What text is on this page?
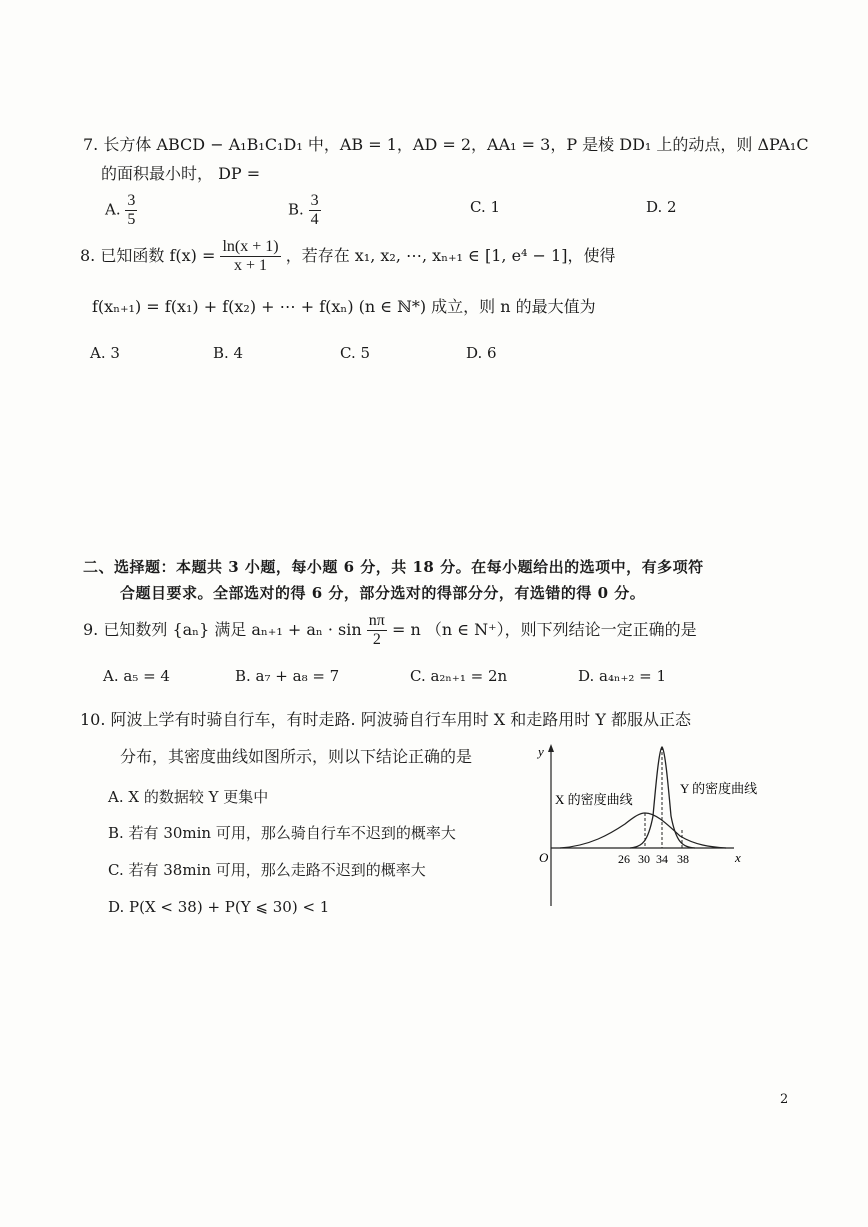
7. 长方体 ABCD − A₁B₁C₁D₁ 中，AB = 1，AD = 2，AA₁ = 3，P 是棱 DD₁ 上的动点，则 ΔPA₁C
的面积最小时， DP =
A. $\frac{3}{5}$	B. $\frac{3}{4}$	C. 1	D. 2
8. 已知函数 $f(x) = \frac{\ln(x + 1)}{x + 1}$ ，若存在 x₁, x₂, ⋯, xₙ₊₁ ∈ [1, e⁴ − 1]，使得
f(xₙ₊₁) = f(x₁) + f(x₂) + ⋯ + f(xₙ) (n ∈ ℕ*) 成立，则 n 的最大值为
A. 3	B. 4	C. 5	D. 6
二、选择题：本题共 3 小题，每小题 6 分，共 18 分。在每小题给出的选项中，有多项符
合题目要求。全部选对的得 6 分，部分选对的得部分分，有选错的得 0 分。
9. 已知数列 {aₙ} 满足 $a_{n+1} + a_n \cdot \sin \frac{n\pi}{2} = n$ （n ∈ N⁺），则下列结论一定正确的是
A. a₅ = 4	B. a₇ + a₈ = 7	C. a₂ₙ₊₁ = 2n	D. a₄ₙ₊₂ = 1
10. 阿波上学有时骑自行车，有时走路. 阿波骑自行车用时 X 和走路用时 Y 都服从正态
分布，其密度曲线如图所示，则以下结论正确的是
A. X 的数据较 Y 更集中
B. 若有 30min 可用，那么骑自行车不迟到的概率大
C. 若有 38min 可用，那么走路不迟到的概率大
D. P(X < 38) + P(Y ⩽ 30) < 1
y
x
O	26 30 34 38
X 的密度曲线
Y 的密度曲线
2
